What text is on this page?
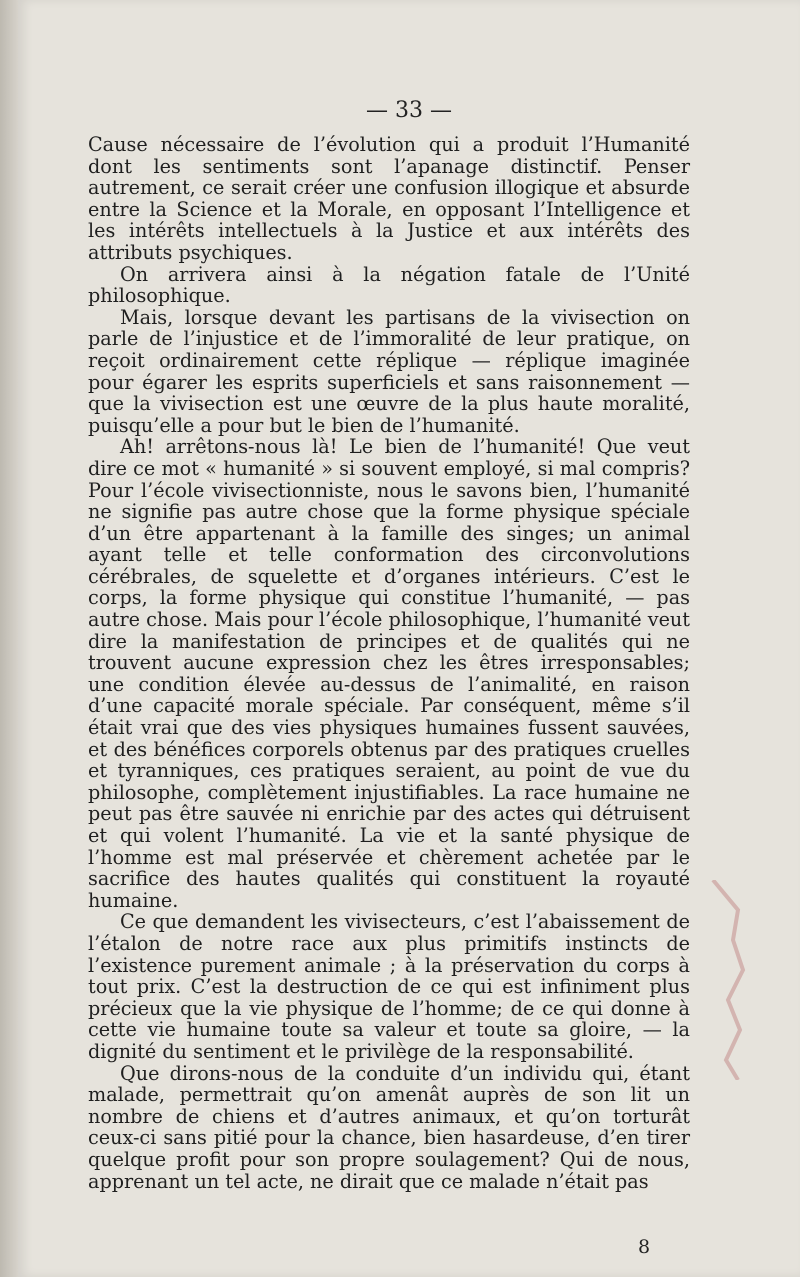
— 33 —

Cause nécessaire de l’évolution qui a produit l’Humanité dont les sentiments sont l’apanage distinctif. Penser autrement, ce serait créer une confusion illogique et absurde entre la Science et la Morale, en opposant l’Intelligence et les intérêts intellectuels à la Justice et aux intérêts des attributs psychiques.

On arrivera ainsi à la négation fatale de l’Unité philosophique.

Mais, lorsque devant les partisans de la vivisection on parle de l’injustice et de l’immoralité de leur pratique, on reçoit ordinairement cette réplique — réplique imaginée pour égarer les esprits superficiels et sans raisonnement — que la vivisection est une œuvre de la plus haute moralité, puisqu’elle a pour but le bien de l’humanité.

Ah! arrêtons-nous là! Le bien de l’humanité! Que veut dire ce mot « humanité » si souvent employé, si mal compris? Pour l’école vivisectionniste, nous le savons bien, l’humanité ne signifie pas autre chose que la forme physique spéciale d’un être appartenant à la famille des singes; un animal ayant telle et telle conformation des circonvolutions cérébrales, de squelette et d’organes intérieurs. C’est le corps, la forme physique qui constitue l’humanité, — pas autre chose. Mais pour l’école philosophique, l’humanité veut dire la manifestation de principes et de qualités qui ne trouvent aucune expression chez les êtres irresponsables; une condition élevée au-dessus de l’animalité, en raison d’une capacité morale spéciale. Par conséquent, même s’il était vrai que des vies physiques humaines fussent sauvées, et des bénéfices corporels obtenus par des pratiques cruelles et tyranniques, ces pratiques seraient, au point de vue du philosophe, complètement injustifiables. La race humaine ne peut pas être sauvée ni enrichie par des actes qui détruisent et qui volent l’humanité. La vie et la santé physique de l’homme est mal préservée et chèrement achetée par le sacrifice des hautes qualités qui constituent la royauté humaine.

Ce que demandent les vivisecteurs, c’est l’abaissement de l’étalon de notre race aux plus primitifs instincts de l’existence purement animale ; à la préservation du corps à tout prix. C’est la destruction de ce qui est infiniment plus précieux que la vie physique de l’homme; de ce qui donne à cette vie humaine toute sa valeur et toute sa gloire, — la dignité du sentiment et le privilège de la responsabilité.

Que dirons-nous de la conduite d’un individu qui, étant malade, permettrait qu’on amenât auprès de son lit un nombre de chiens et d’autres animaux, et qu’on torturât ceux-ci sans pitié pour la chance, bien hasardeuse, d’en tirer quelque profit pour son propre soulagement? Qui de nous, apprenant un tel acte, ne dirait que ce malade n’était pas

8
